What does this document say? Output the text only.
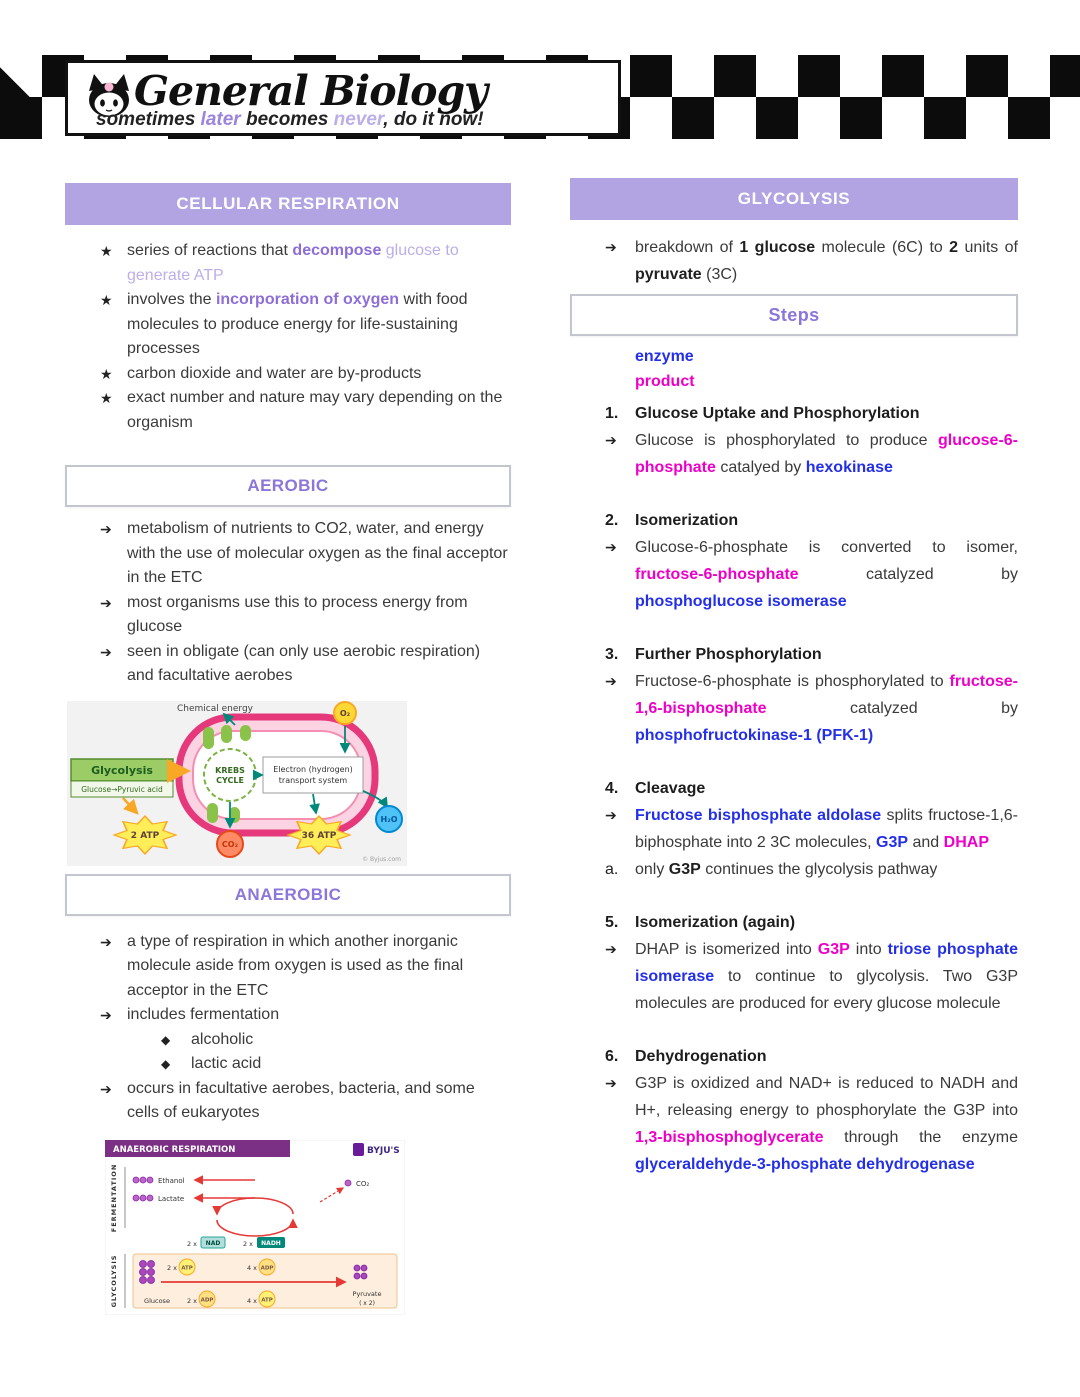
General Biology
sometimes later becomes never, do it now!
CELLULAR RESPIRATION
★ series of reactions that decompose glucose to generate ATP
★ involves the incorporation of oxygen with food molecules to produce energy for life-sustaining processes
★ carbon dioxide and water are by-products
★ exact number and nature may vary depending on the organism
AEROBIC
➔ metabolism of nutrients to CO2, water, and energy with the use of molecular oxygen as the final acceptor in the ETC
➔ most organisms use this to process energy from glucose
➔ seen in obligate (can only use aerobic respiration) and facultative aerobes
KREBS
CYCLE
Electron (hydrogen)
transport system
Glycolysis
Glucose→Pyruvic acid
Chemical energy	O₂
2 ATP	36 ATP
CO₂
H₂O
© Byjus.com
ANAEROBIC
➔ a type of respiration in which another inorganic molecule aside from oxygen is used as the final acceptor in the ETC
➔ includes fermentation
◆	alcoholic
◆	lactic acid
➔ occurs in facultative aerobes, bacteria, and some cells of eukaryotes
ANAEROBIC RESPIRATION	BYJU'S
FERMENTATION
GLYCOLYSIS
Ethanol
Lactate
CO₂
2 x NAD	2 x NADH
2 x ATP	4 x ADP
Glucose	2 x ADP	4 x ATP
Pyruvate
( x 2)
GLYCOLYSIS
➔	breakdown of 1 glucose molecule (6C) to 2 units of pyruvate (3C)
Steps
enzyme
product
1.	Glucose Uptake and Phosphorylation
➔	Glucose is phosphorylated to produce glucose-6-phosphate catalyed by hexokinase
2.	Isomerization
➔	Glucose-6-phosphate is converted to isomer, fructose-6-phosphate catalyzed by phosphoglucose isomerase
3.	Further Phosphorylation
➔	Fructose-6-phosphate is phosphorylated to fructose-1,6-bisphosphate catalyzed by phosphofructokinase-1 (PFK-1)
4.	Cleavage
➔	Fructose bisphosphate aldolase splits fructose-1,6-biphosphate into 2 3C molecules, G3P and DHAP
a.	only G3P continues the glycolysis pathway
5.	Isomerization (again)
➔	DHAP is isomerized into G3P into triose phosphate isomerase to continue to glycolysis. Two G3P molecules are produced for every glucose molecule
6.	Dehydrogenation
➔	G3P is oxidized and NAD+ is reduced to NADH and H+, releasing energy to phosphorylate the G3P into 1,3-bisphosphoglycerate through the enzyme glyceraldehyde-3-phosphate dehydrogenase
